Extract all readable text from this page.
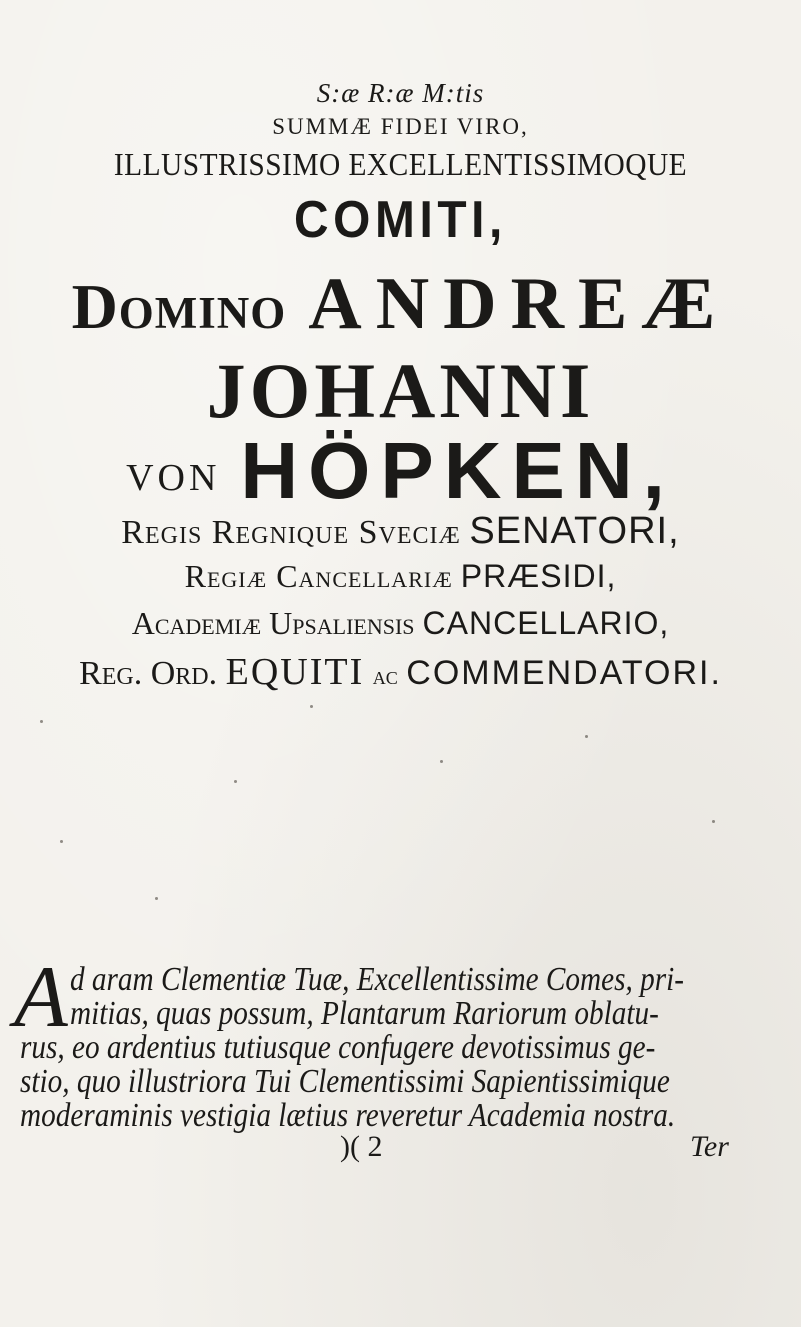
S:æ R:æ M:tis
SUMMÆ FIDEI VIRO,
ILLUSTRISSIMO EXCELLENTISSIMOQUE
COMITI,
Domino ANDREÆ
JOHANNI
VON HÖPKEN,
Regis Regnique Sveciæ SENATORI,
Regiæ Cancellariæ PRÆSIDI,
Academiæ Upsaliensis CANCELLARIO,
Reg. Ord. EQUITI ac COMMENDATORI.
A d aram Clementiæ Tuæ, Excellentissime Comes, pri-
mitias, quas possum, Plantarum Rariorum oblatu-
rus, eo ardentius tutiusque confugere devotissimus ge-
stio, quo illustriora Tui Clementissimi Sapientissimique
moderaminis vestigia lætius reveretur Academia nostra.
)( 2	Ter
